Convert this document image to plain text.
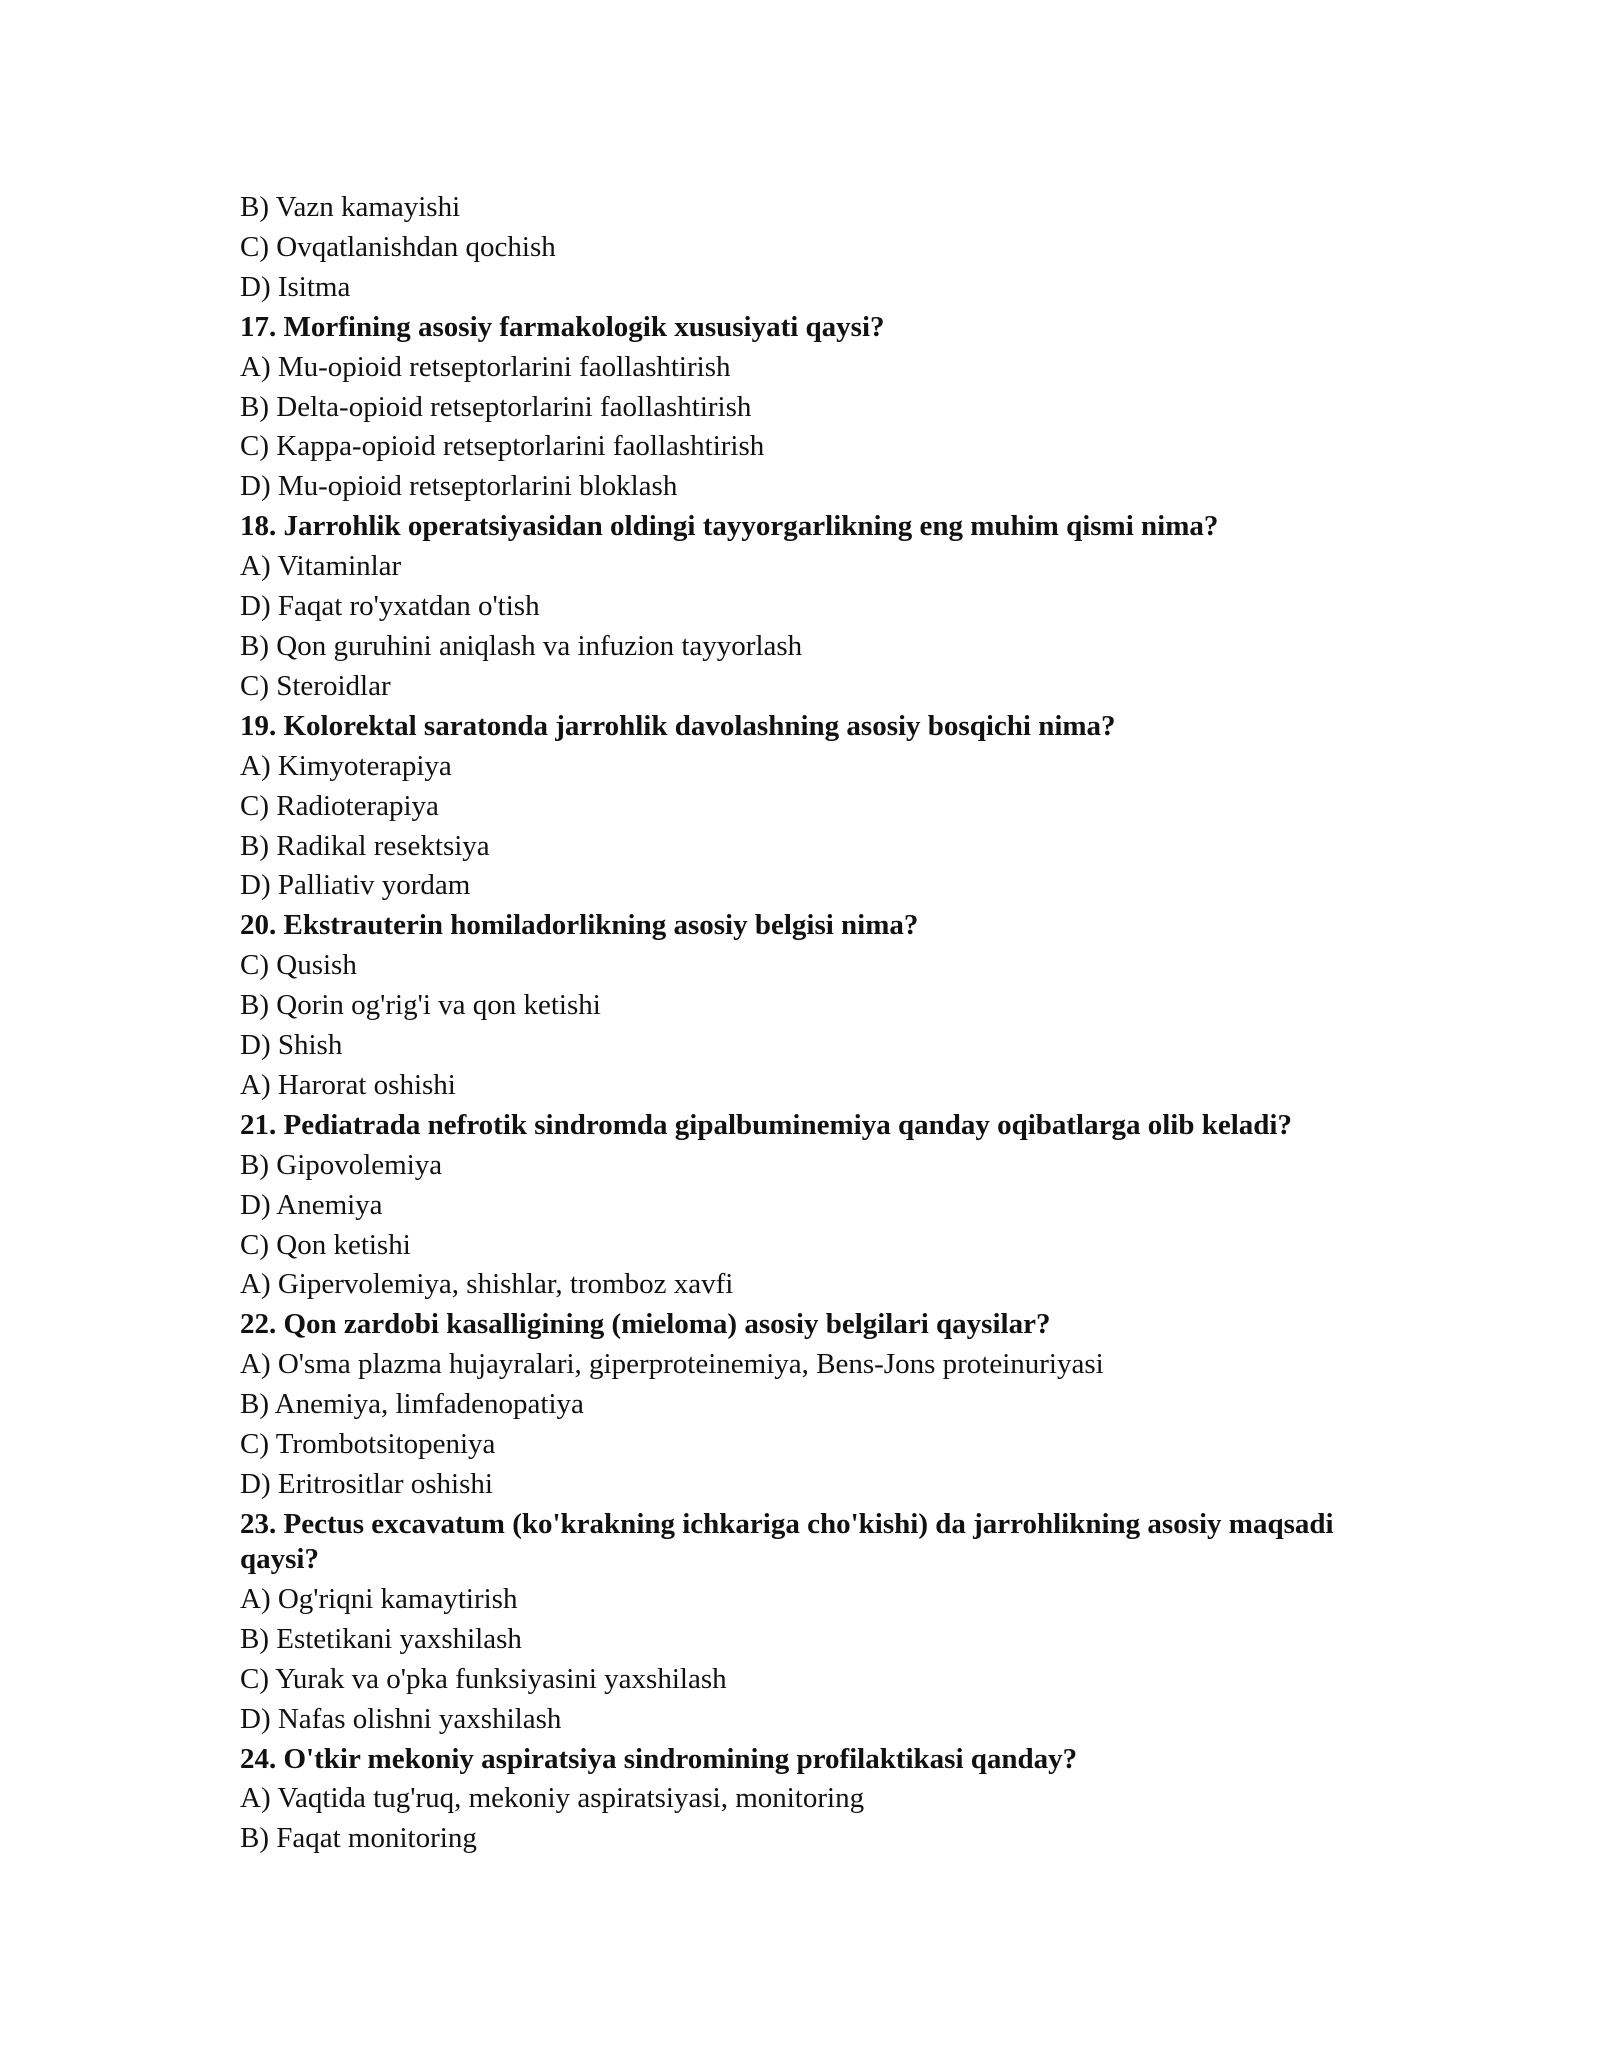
B) Vazn kamayishi
C) Ovqatlanishdan qochish
D) Isitma
17. Morfining asosiy farmakologik xususiyati qaysi?
A) Mu-opioid retseptorlarini faollashtirish
B) Delta-opioid retseptorlarini faollashtirish
C) Kappa-opioid retseptorlarini faollashtirish
D) Mu-opioid retseptorlarini bloklash
18. Jarrohlik operatsiyasidan oldingi tayyorgarlikning eng muhim qismi nima?
A) Vitaminlar
D) Faqat ro'yxatdan o'tish
B) Qon guruhini aniqlash va infuzion tayyorlash
C) Steroidlar
19. Kolorektal saratonda jarrohlik davolashning asosiy bosqichi nima?
A) Kimyoterapiya
C) Radioterapiya
B) Radikal resektsiya
D) Palliativ yordam
20. Ekstrauterin homiladorlikning asosiy belgisi nima?
C) Qusish
B) Qorin og'rig'i va qon ketishi
D) Shish
A) Harorat oshishi
21. Pediatrada nefrotik sindromda gipalbuminemiya qanday oqibatlarga olib keladi?
B) Gipovolemiya
D) Anemiya
C) Qon ketishi
A) Gipervolemiya, shishlar, tromboz xavfi
22. Qon zardobi kasalligining (mieloma) asosiy belgilari qaysilar?
A) O'sma plazma hujayralari, giperproteinemiya, Bens-Jons proteinuriyasi
B) Anemiya, limfadenopatiya
C) Trombotsitopeniya
D) Eritrositlar oshishi
23. Pectus excavatum (ko'krakning ichkariga cho'kishi) da jarrohlikning asosiy maqsadi qaysi?
A) Og'riqni kamaytirish
B) Estetikani yaxshilash
C) Yurak va o'pka funksiyasini yaxshilash
D) Nafas olishni yaxshilash
24. O'tkir mekoniy aspiratsiya sindromining profilaktikasi qanday?
A) Vaqtida tug'ruq, mekoniy aspiratsiyasi, monitoring
B) Faqat monitoring
